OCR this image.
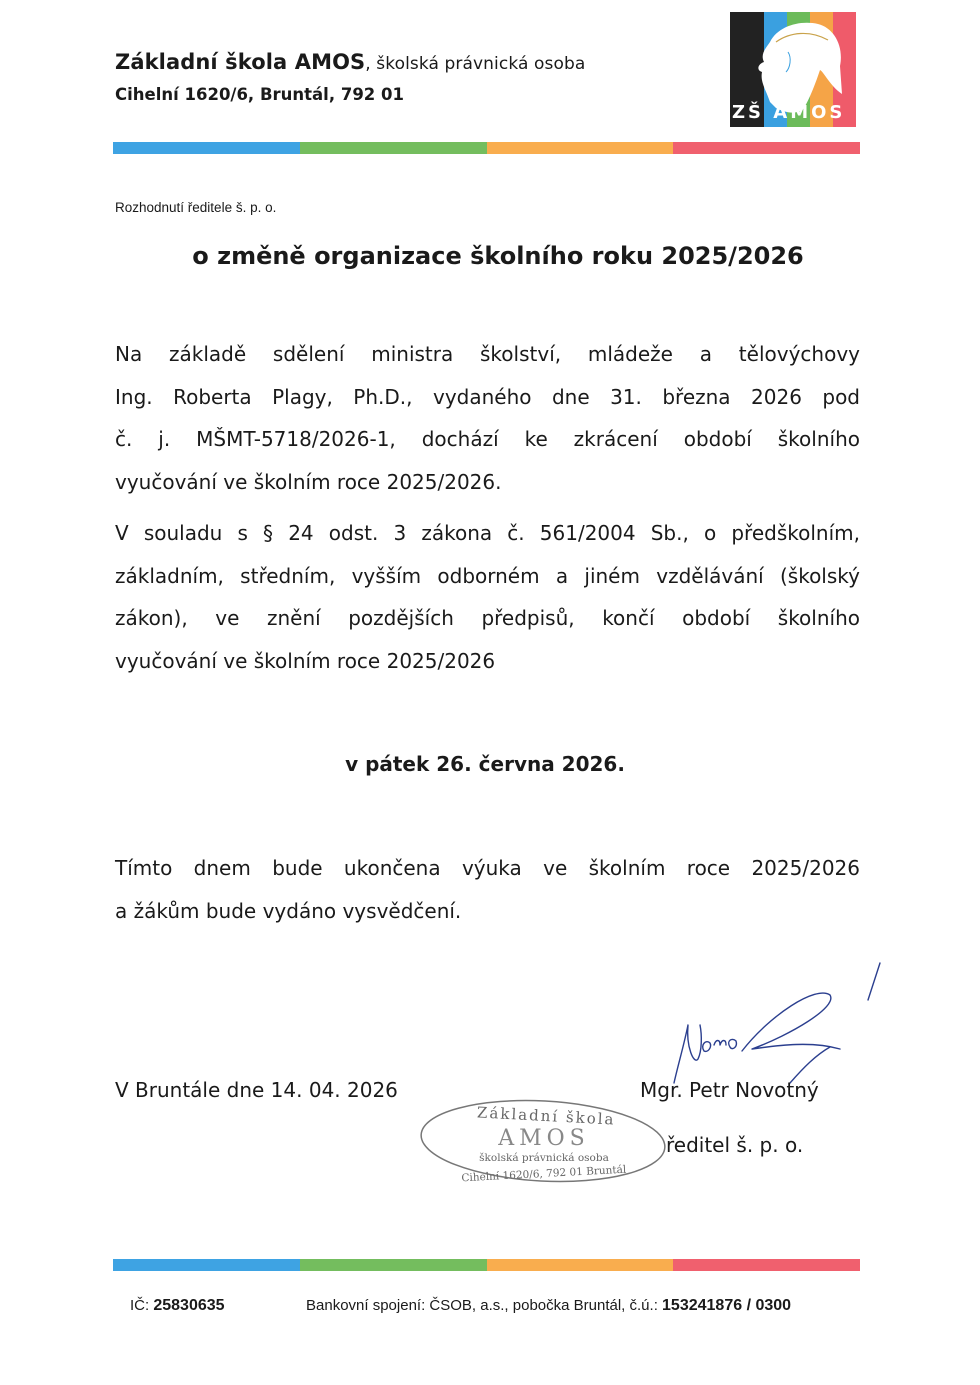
Základní škola AMOS, školská právnická osoba
Cihelní 1620/6, Bruntál, 792 01
ZŠ AMOS
Rozhodnutí ředitele š. p. o.
o změně organizace školního roku 2025/2026
Na základě sdělení ministra školství, mládeže a tělovýchovy
Ing. Roberta Plagy, Ph.D., vydaného dne 31. března 2026 pod
č. j. MŠMT-5718/2026-1, dochází ke zkrácení období školního
vyučování ve školním roce 2025/2026.
V souladu s § 24 odst. 3 zákona č. 561/2004 Sb., o předškolním,
základním, středním, vyšším odborném a jiném vzdělávání (školský
zákon), ve znění pozdějších předpisů, končí období školního
vyučování ve školním roce 2025/2026
v pátek 26. června 2026.
Tímto dnem bude ukončena výuka ve školním roce 2025/2026
a žákům bude vydáno vysvědčení.
V Bruntále dne 14. 04. 2026	Mgr. Petr Novotný
ředitel š. p. o.
Základní škola
AMOS
školská právnická osoba
Cihelní 1620/6, 792 01 Bruntál
IČ: 25830635	Bankovní spojení: ČSOB, a.s., pobočka Bruntál, č.ú.: 153241876 / 0300
